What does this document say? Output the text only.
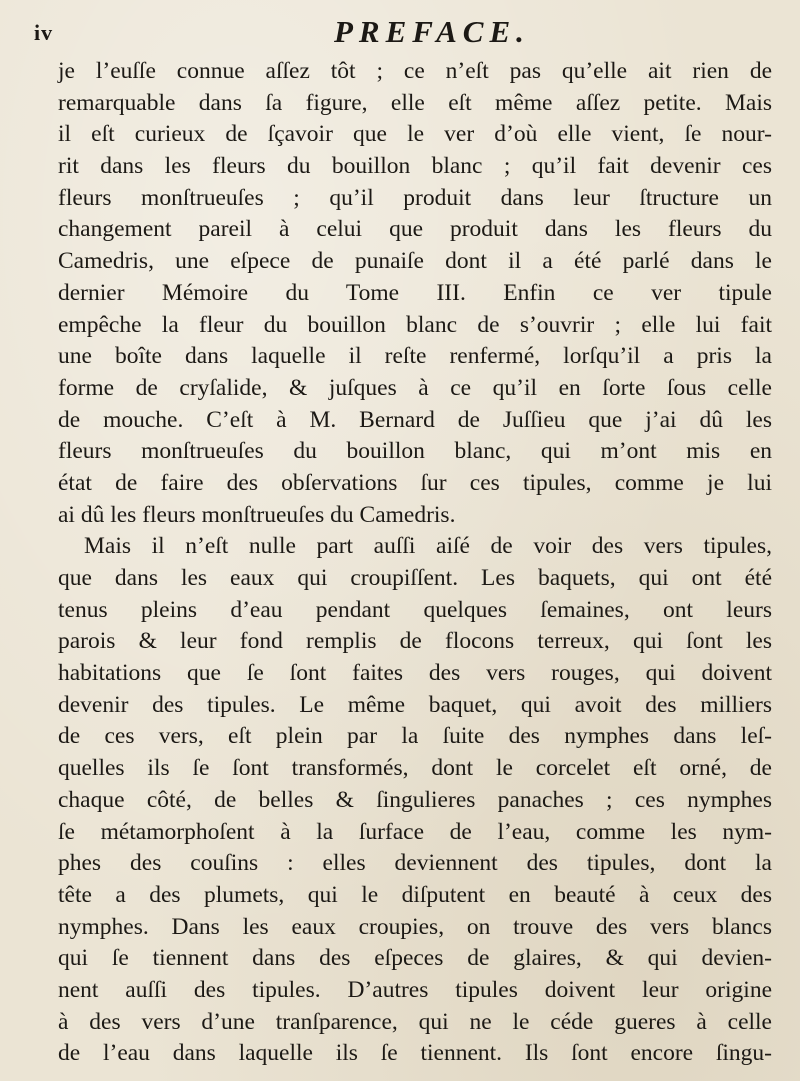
iv	PREFACE.
je l’euſſe connue aſſez tôt ; ce n’eſt pas qu’elle ait rien de
remarquable dans ſa figure, elle eſt même aſſez petite. Mais
il eſt curieux de ſçavoir que le ver d’où elle vient, ſe nour-
rit dans les fleurs du bouillon blanc ; qu’il fait devenir ces
fleurs monſtrueuſes ; qu’il produit dans leur ſtructure un
changement pareil à celui que produit dans les fleurs du
Camedris, une eſpece de punaiſe dont il a été parlé dans le
dernier Mémoire du Tome III. Enfin ce ver tipule
empêche la fleur du bouillon blanc de s’ouvrir ; elle lui fait
une boîte dans laquelle il reſte renfermé, lorſqu’il a pris la
forme de cryſalide, & juſques à ce qu’il en ſorte ſous celle
de mouche. C’eſt à M. Bernard de Juſſieu que j’ai dû les
fleurs monſtrueuſes du bouillon blanc, qui m’ont mis en
état de faire des obſervations ſur ces tipules, comme je lui
ai dû les fleurs monſtrueuſes du Camedris.
Mais il n’eſt nulle part auſſi aiſé de voir des vers tipules,
que dans les eaux qui croupiſſent. Les baquets, qui ont été
tenus pleins d’eau pendant quelques ſemaines, ont leurs
parois & leur fond remplis de flocons terreux, qui ſont les
habitations que ſe ſont faites des vers rouges, qui doivent
devenir des tipules. Le même baquet, qui avoit des milliers
de ces vers, eſt plein par la ſuite des nymphes dans leſ-
quelles ils ſe ſont transformés, dont le corcelet eſt orné, de
chaque côté, de belles & ſingulieres panaches ; ces nymphes
ſe métamorphoſent à la ſurface de l’eau, comme les nym-
phes des couſins : elles deviennent des tipules, dont la
tête a des plumets, qui le diſputent en beauté à ceux des
nymphes. Dans les eaux croupies, on trouve des vers blancs
qui ſe tiennent dans des eſpeces de glaires, & qui devien-
nent auſſi des tipules. D’autres tipules doivent leur origine
à des vers d’une tranſparence, qui ne le céde gueres à celle
de l’eau dans laquelle ils ſe tiennent. Ils ſont encore ſingu-
